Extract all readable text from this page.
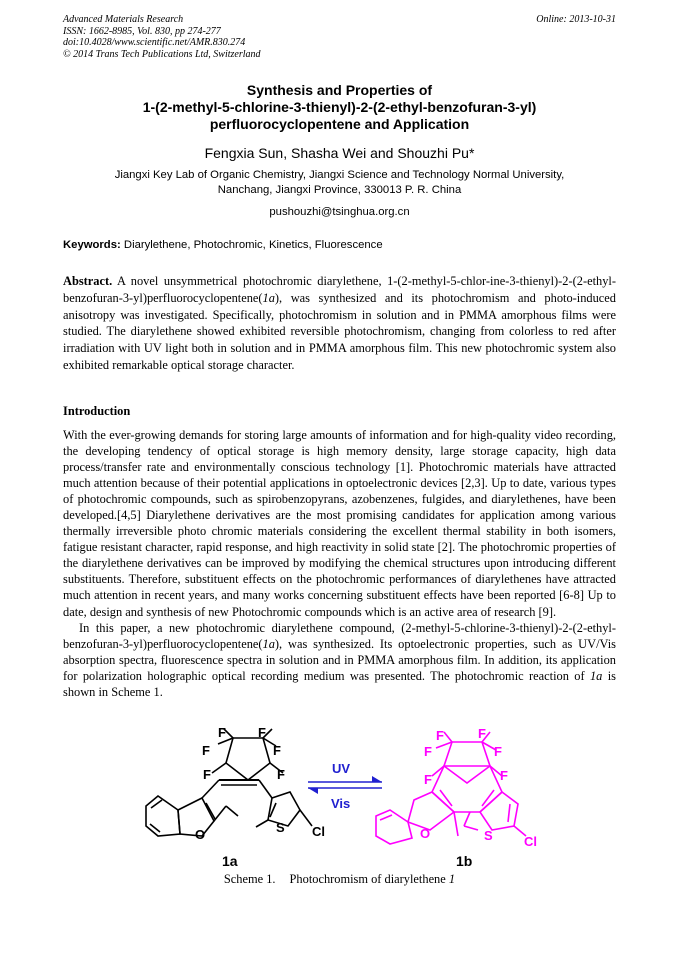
Advanced Materials Research
ISSN: 1662-8985, Vol. 830, pp 274-277
doi:10.4028/www.scientific.net/AMR.830.274
© 2014 Trans Tech Publications Ltd, Switzerland
Online: 2013-10-31
Synthesis and Properties of
1-(2-methyl-5-chlorine-3-thienyl)-2-(2-ethyl-benzofuran-3-yl)
perfluorocyclopentene and Application
Fengxia Sun, Shasha Wei and Shouzhi Pu*
Jiangxi Key Lab of Organic Chemistry, Jiangxi Science and Technology Normal University,
Nanchang, Jiangxi Province, 330013 P. R. China
pushouzhi@tsinghua.org.cn
Keywords: Diarylethene, Photochromic, Kinetics, Fluorescence
Abstract. A novel unsymmetrical photochromic diarylethene, 1-(2-methyl-5-chlor-ine-3-thienyl)-2-(2-ethyl-benzofuran-3-yl)perfluorocyclopentene(1a), was synthesized and its photochromism and photo-induced anisotropy was investigated. Specifically, photochromism in solution and in PMMA amorphous films were studied. The diarylethene showed exhibited reversible photochromism, changing from colorless to red after irradiation with UV light both in solution and in PMMA amorphous film. This new photochromic system also exhibited remarkable optical storage character.
Introduction

With the ever-growing demands for storing large amounts of information and for high-quality video recording, the developing tendency of optical storage is high memory density, large storage capacity, high data process/transfer rate and environmentally conscious technology [1]. Photochromic materials have attracted much attention because of their potential applications in optoelectronic devices [2,3]. Up to date, various types of photochromic compounds, such as spirobenzopyrans, azobenzenes, fulgides, and diarylethenes, have been developed.[4,5] Diarylethene derivatives are the most promising candidates for application among various thermally irreversible photo chromic materials considering the excellent thermal stability in both isomers, fatigue resistant character, rapid response, and high reactivity in solid state [2]. The photochromic properties of the diarylethene derivatives can be improved by modifying the chemical structures upon introducing different substituents. Therefore, substituent effects on the photochromic performances of diarylethenes have attracted much attention in recent years, and many works concerning substituent effects have been reported [6-8] Up to date, design and synthesis of new Photochromic compounds which is an active area of research [9].

In this paper, a new photochromic diarylethene compound, (2-methyl-5-chlorine-3-thienyl)-2-(2-ethyl-benzofuran-3-yl)perfluorocyclopentene(1a), was synthesized. Its optoelectronic properties, such as UV/Vis absorption spectra, fluorescence spectra in solution and in PMMA amorphous film. In addition, its application for polarization holographic optical recording medium was presented. The photochromic reaction of 1a is shown in Scheme 1.

F F
F	F
F	F
O	S Cl
1a
UV
Vis
F	F
F	F
F	F
O	S Cl
1b
Scheme 1. Photochromism of diarylethene 1
